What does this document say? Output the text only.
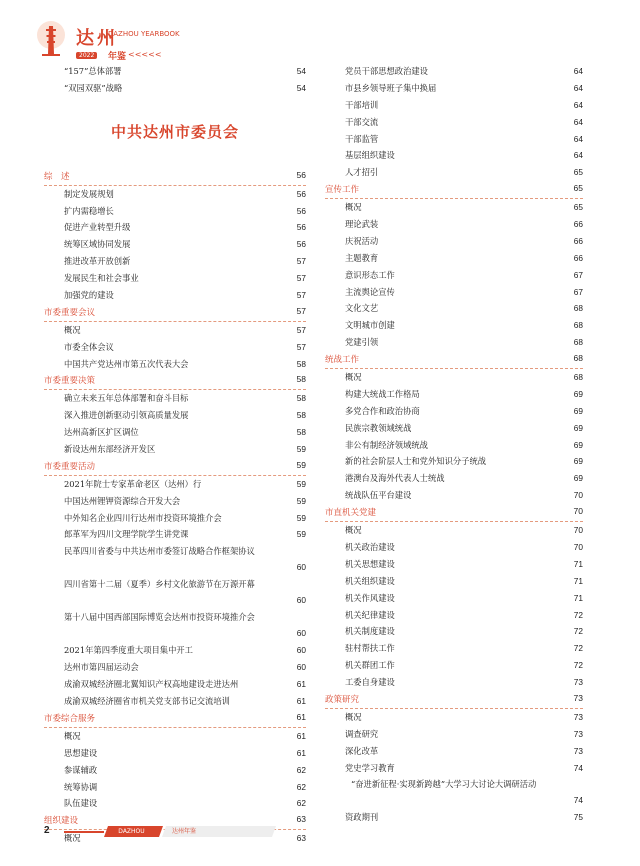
达州
DAZHOU YEARBOOK
2022	年鉴 <<<<<
“157”总体部署	54
“双园双驱”战略	54
中共达州市委员会
综　述	56
制定发展规划	56
扩内需稳增长	56
促进产业转型升级	56
统筹区域协同发展	56
推进改革开放创新	57
发展民生和社会事业	57
加强党的建设	57
市委重要会议	57
概况	57
市委全体会议	57
中国共产党达州市第五次代表大会	58
市委重要决策	58
确立未来五年总体部署和奋斗目标	58
深入推进创新驱动引领高质量发展	58
达州高新区扩区调位	58
新设达州东部经济开发区	59
市委重要活动	59
2021年院士专家革命老区（达州）行	59
中国达州锂钾资源综合开发大会	59
中外知名企业四川行达州市投资环境推介会	59
郎革军为四川文理学院学生讲党课	59
民革四川省委与中共达州市委签订战略合作框架协议
60
四川省第十二届（夏季）乡村文化旅游节在万源开幕
60
第十八届中国西部国际博览会达州市投资环境推介会
60
2021年第四季度重大项目集中开工	60
达州市第四届运动会	60
成渝双城经济圈北翼知识产权高地建设走进达州	61
成渝双城经济圈省市机关党支部书记交流培训	61
市委综合服务	61
概况	61
思想建设	61
参谋辅政	62
统筹协调	62
队伍建设	62
组织建设	63
概况	63
党员干部思想政治建设	64
市县乡领导班子集中换届	64
干部培训	64
干部交流	64
干部监管	64
基层组织建设	64
人才招引	65
宣传工作	65
概况	65
理论武装	66
庆祝活动	66
主题教育	66
意识形态工作	67
主流舆论宣传	67
文化文艺	68
文明城市创建	68
党建引领	68
统战工作	68
概况	68
构建大统战工作格局	69
多党合作和政治协商	69
民族宗教领域统战	69
非公有制经济领域统战	69
新的社会阶层人士和党外知识分子统战	69
港澳台及海外代表人士统战	69
统战队伍平台建设	70
市直机关党建	70
概况	70
机关政治建设	70
机关思想建设	71
机关组织建设	71
机关作风建设	71
机关纪律建设	72
机关制度建设	72
驻村帮扶工作	72
机关群团工作	72
工委自身建设	73
政策研究	73
概况	73
调查研究	73
深化改革	73
党史学习教育	74
“奋进新征程·实现新跨越”大学习大讨论大调研活动
74
资政期刊	75
2	DAZHOU YEARBOOK
达州年鉴
